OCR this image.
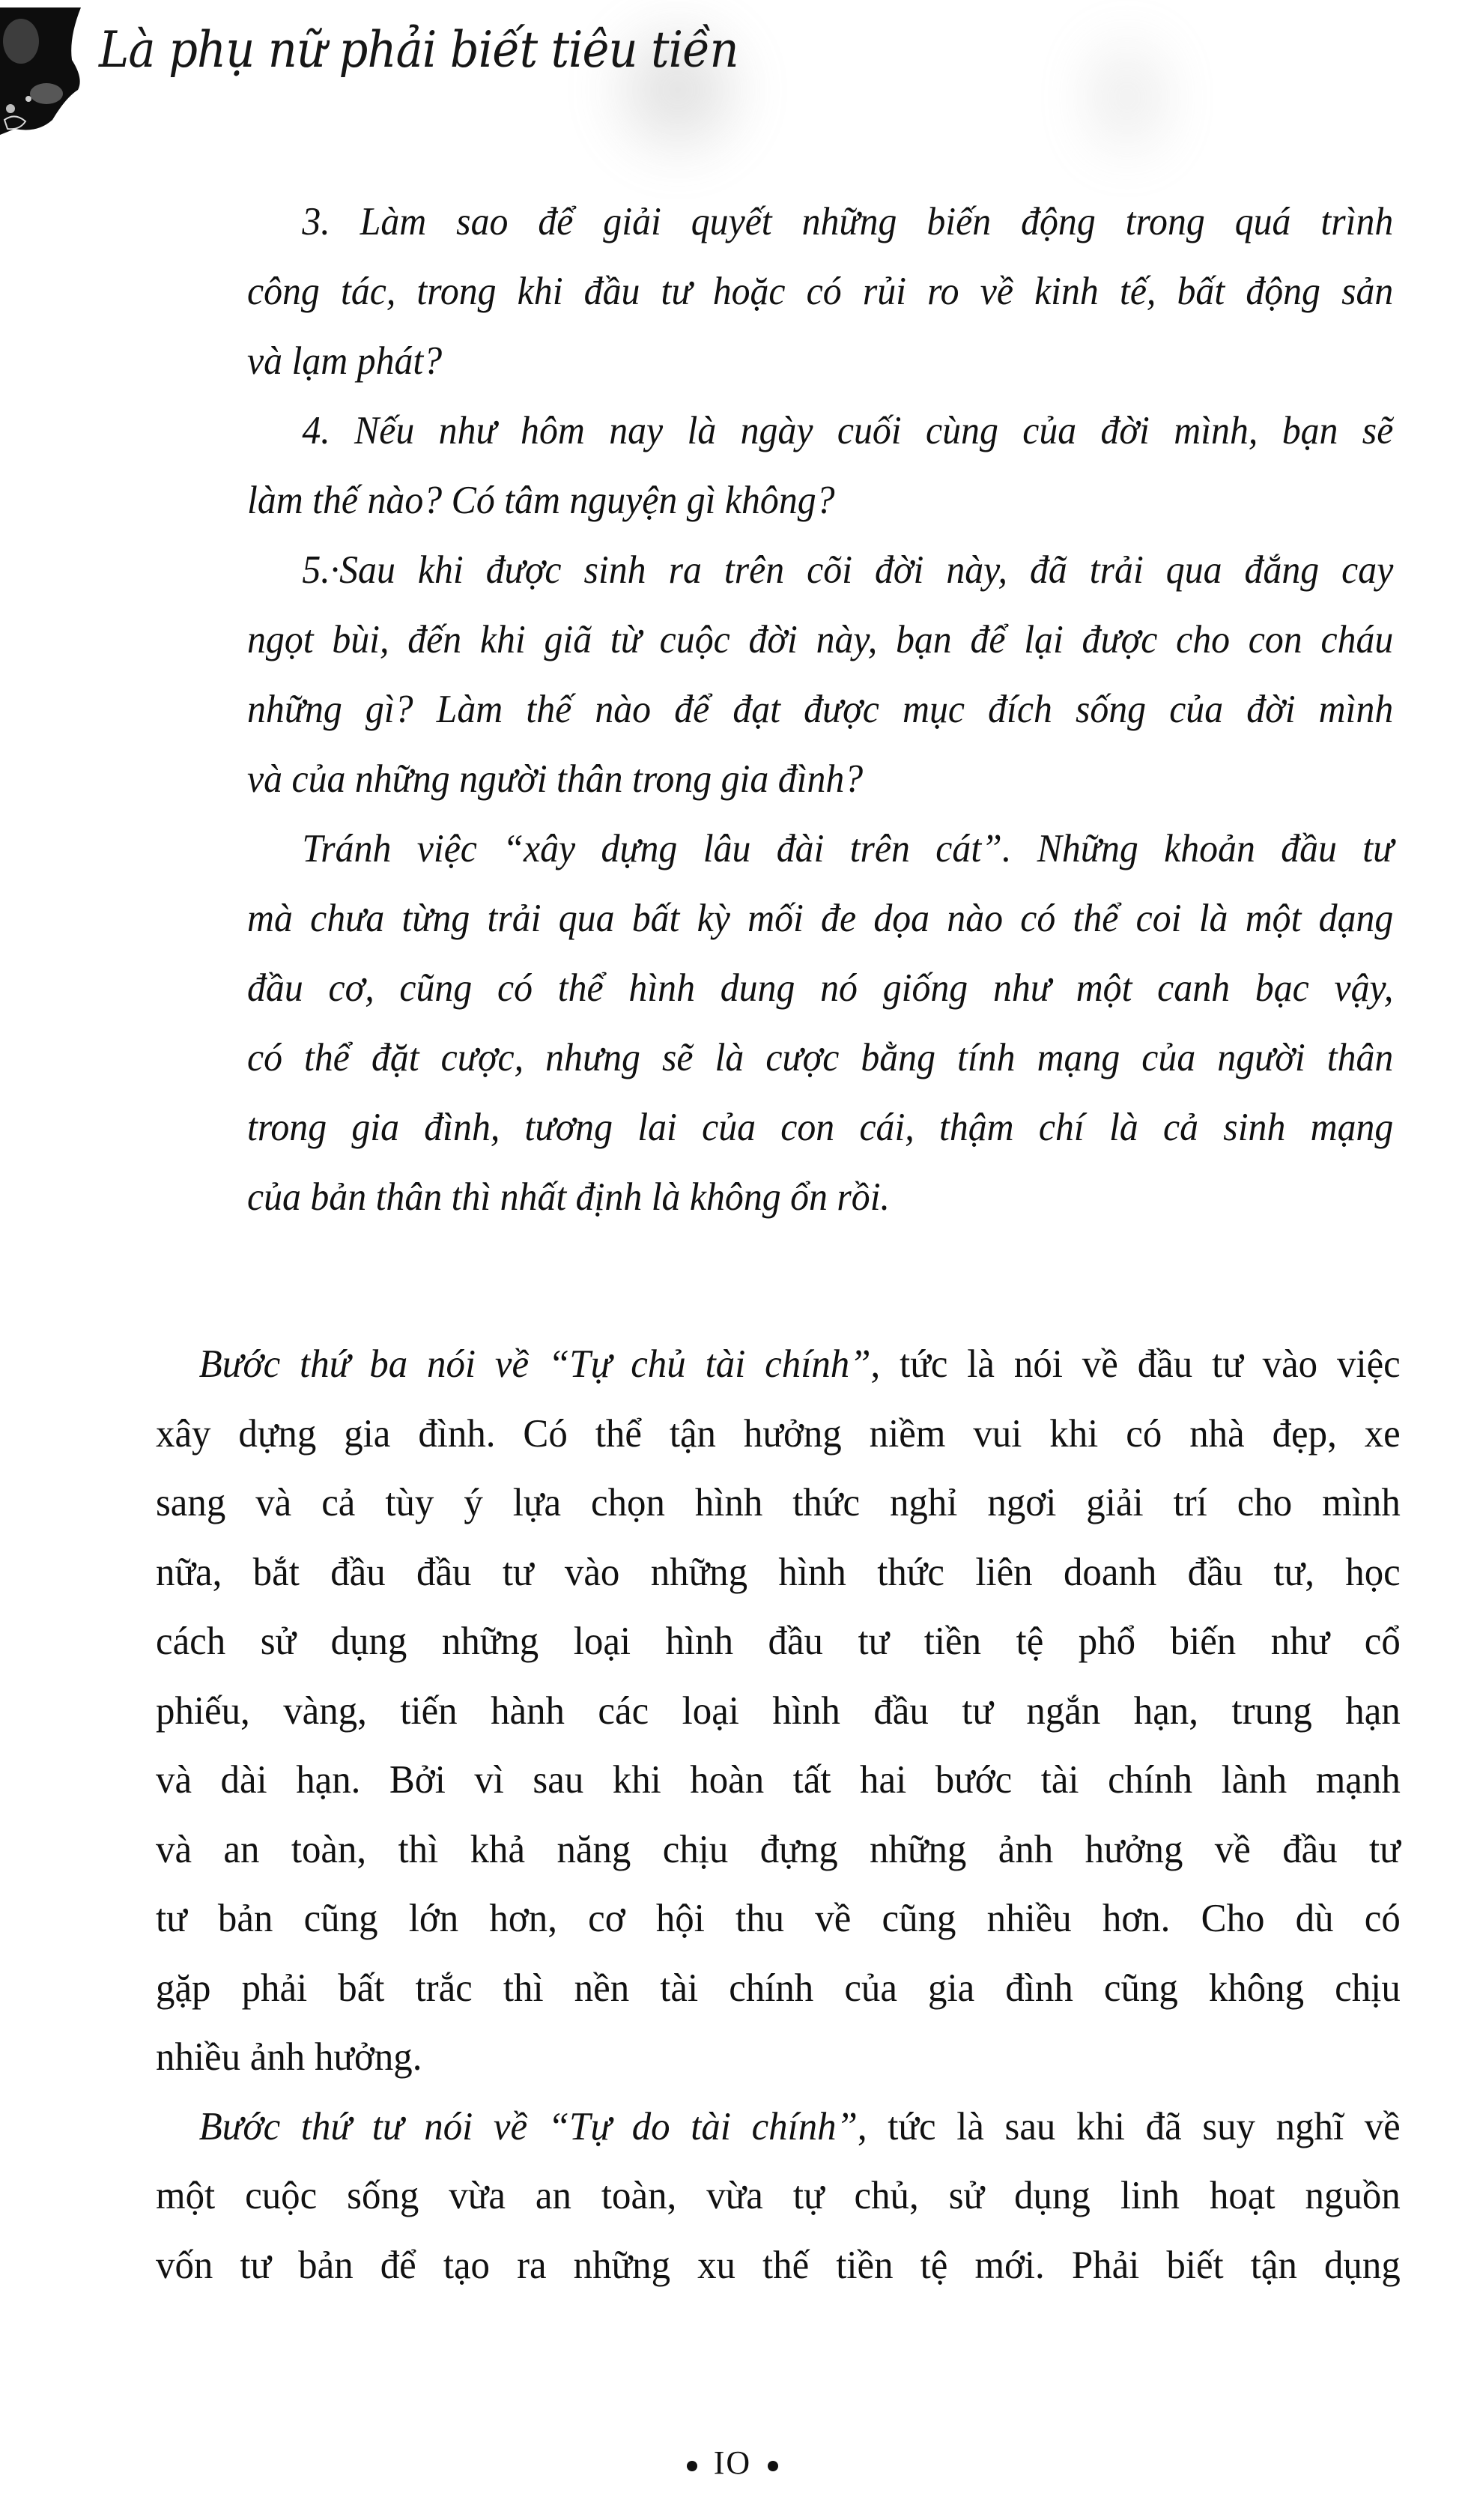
Là phụ nữ phải biết tiêu tiền
3. Làm sao để giải quyết những biến động trong quá trình
công tác, trong khi đầu tư hoặc có rủi ro về kinh tế, bất động sản
và lạm phát?
4. Nếu như hôm nay là ngày cuối cùng của đời mình, bạn sẽ
làm thế nào? Có tâm nguyện gì không?
5.·Sau khi được sinh ra trên cõi đời này, đã trải qua đắng cay
ngọt bùi, đến khi giã từ cuộc đời này, bạn để lại được cho con cháu
những gì? Làm thế nào để đạt được mục đích sống của đời mình
và của những người thân trong gia đình?
Tránh việc “xây dựng lâu đài trên cát”. Những khoản đầu tư
mà chưa từng trải qua bất kỳ mối đe dọa nào có thể coi là một dạng
đầu cơ, cũng có thể hình dung nó giống như một canh bạc vậy,
có thể đặt cược, nhưng sẽ là cược bằng tính mạng của người thân
trong gia đình, tương lai của con cái, thậm chí là cả sinh mạng
của bản thân thì nhất định là không ổn rồi.
Bước thứ ba nói về “Tự chủ tài chính”, tức là nói về đầu tư vào việc
xây dựng gia đình. Có thể tận hưởng niềm vui khi có nhà đẹp, xe
sang và cả tùy ý lựa chọn hình thức nghỉ ngơi giải trí cho mình
nữa, bắt đầu đầu tư vào những hình thức liên doanh đầu tư, học
cách sử dụng những loại hình đầu tư tiền tệ phổ biến như cổ
phiếu, vàng, tiến hành các loại hình đầu tư ngắn hạn, trung hạn
và dài hạn. Bởi vì sau khi hoàn tất hai bước tài chính lành mạnh
và an toàn, thì khả năng chịu đựng những ảnh hưởng về đầu tư
tư bản cũng lớn hơn, cơ hội thu về cũng nhiều hơn. Cho dù có
gặp phải bất trắc thì nền tài chính của gia đình cũng không chịu
nhiều ảnh hưởng.
Bước thứ tư nói về “Tự do tài chính”, tức là sau khi đã suy nghĩ về
một cuộc sống vừa an toàn, vừa tự chủ, sử dụng linh hoạt nguồn
vốn tư bản để tạo ra những xu thế tiền tệ mới. Phải biết tận dụng
IO
